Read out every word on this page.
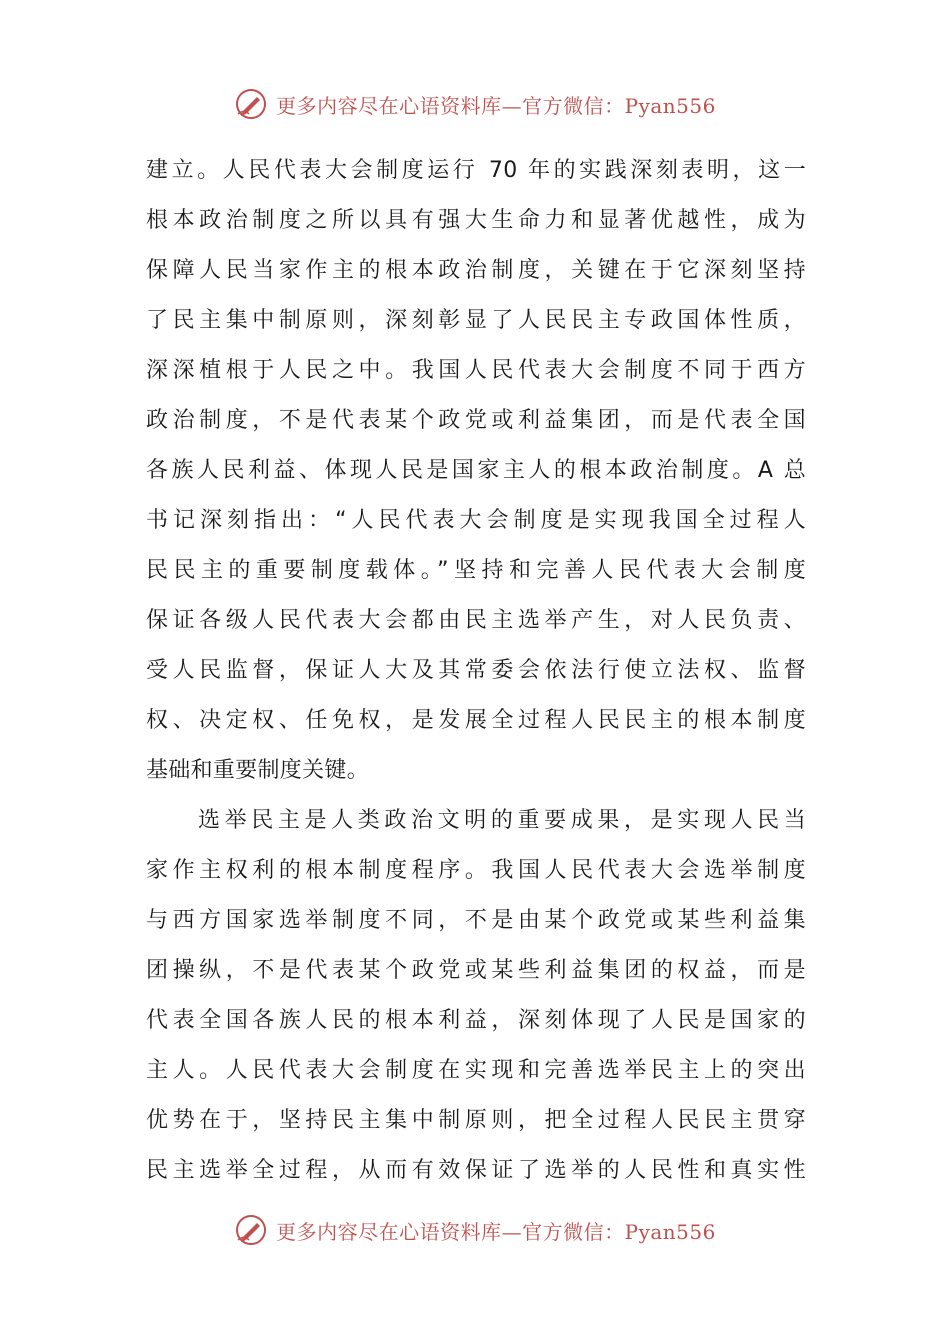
更多内容尽在心语资料库—官方微信：Pyan556
建立。人民代表大会制度运行 70 年的实践深刻表明，这一
根本政治制度之所以具有强大生命力和显著优越性，成为
保障人民当家作主的根本政治制度，关键在于它深刻坚持
了民主集中制原则，深刻彰显了人民民主专政国体性质，
深深植根于人民之中。我国人民代表大会制度不同于西方
政治制度，不是代表某个政党或利益集团，而是代表全国
各族人民利益、体现人民是国家主人的根本政治制度。A 总
书记深刻指出：“人民代表大会制度是实现我国全过程人
民民主的重要制度载体。”坚持和完善人民代表大会制度
保证各级人民代表大会都由民主选举产生，对人民负责、
受人民监督，保证人大及其常委会依法行使立法权、监督
权、决定权、任免权，是发展全过程人民民主的根本制度
基础和重要制度关键。
选举民主是人类政治文明的重要成果，是实现人民当
家作主权利的根本制度程序。我国人民代表大会选举制度
与西方国家选举制度不同，不是由某个政党或某些利益集
团操纵，不是代表某个政党或某些利益集团的权益，而是
代表全国各族人民的根本利益，深刻体现了人民是国家的
主人。人民代表大会制度在实现和完善选举民主上的突出
优势在于，坚持民主集中制原则，把全过程人民民主贯穿
民主选举全过程，从而有效保证了选举的人民性和真实性
更多内容尽在心语资料库—官方微信：Pyan556
